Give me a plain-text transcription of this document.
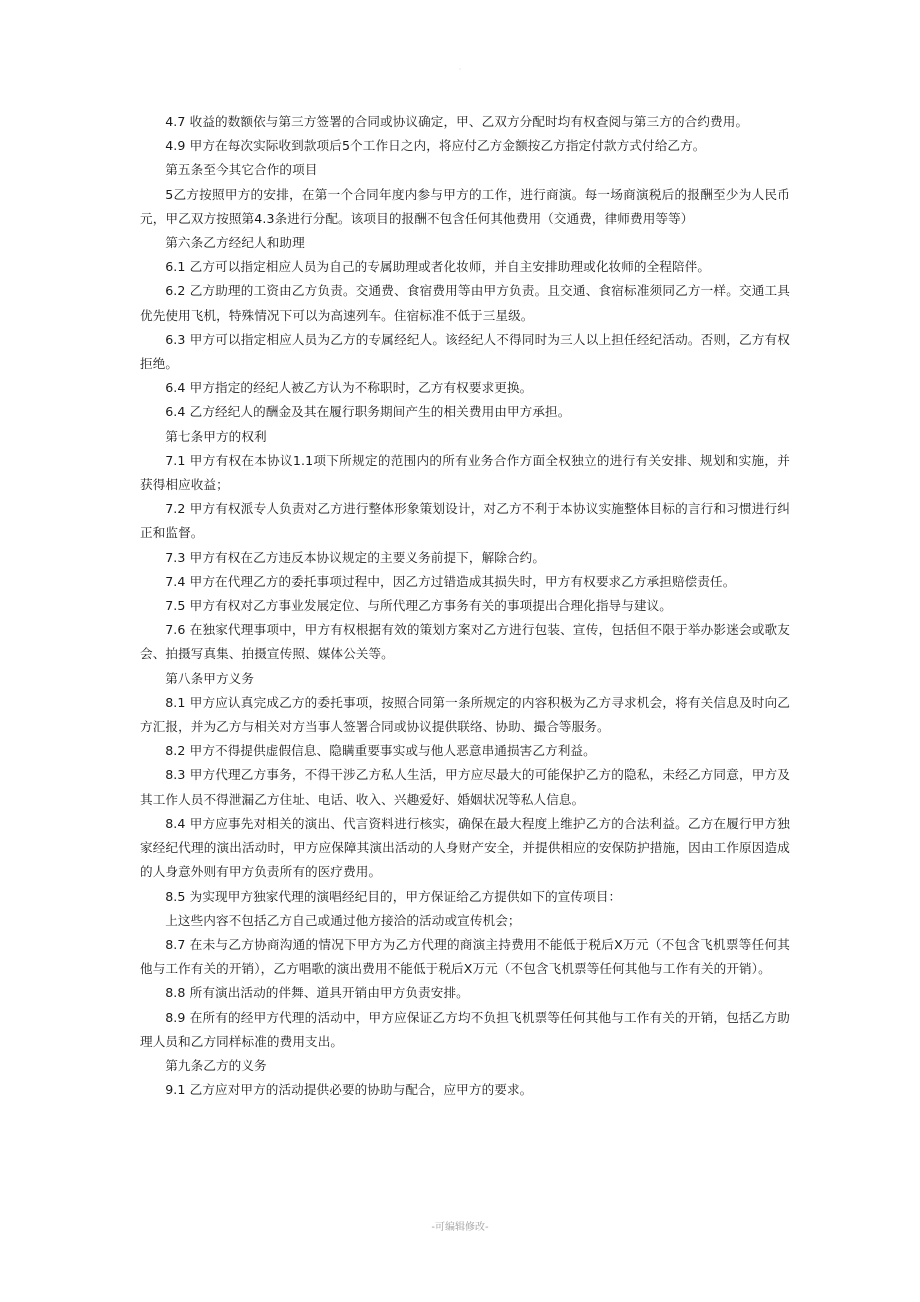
·

4.7 收益的数额依与第三方签署的合同或协议确定，甲、乙双方分配时均有权查阅与第三方的合约费用。

4.9 甲方在每次实际收到款项后5个工作日之内，将应付乙方金额按乙方指定付款方式付给乙方。

第五条至今其它合作的项目

5乙方按照甲方的安排，在第一个合同年度内参与甲方的工作，进行商演。每一场商演税后的报酬至少为人民币元，甲乙双方按照第4.3条进行分配。该项目的报酬不包含任何其他费用（交通费，律师费用等等）

第六条乙方经纪人和助理

6.1 乙方可以指定相应人员为自己的专属助理或者化妆师，并自主安排助理或化妆师的全程陪伴。

6.2 乙方助理的工资由乙方负责。交通费、食宿费用等由甲方负责。且交通、食宿标准须同乙方一样。交通工具优先使用飞机，特殊情况下可以为高速列车。住宿标准不低于三星级。

6.3 甲方可以指定相应人员为乙方的专属经纪人。该经纪人不得同时为三人以上担任经纪活动。否则，乙方有权拒绝。

6.4 甲方指定的经纪人被乙方认为不称职时，乙方有权要求更换。

6.4 乙方经纪人的酬金及其在履行职务期间产生的相关费用由甲方承担。

第七条甲方的权利

7.1 甲方有权在本协议1.1项下所规定的范围内的所有业务合作方面全权独立的进行有关安排、规划和实施，并获得相应收益；

7.2 甲方有权派专人负责对乙方进行整体形象策划设计，对乙方不利于本协议实施整体目标的言行和习惯进行纠正和监督。

7.3 甲方有权在乙方违反本协议规定的主要义务前提下，解除合约。

7.4 甲方在代理乙方的委托事项过程中，因乙方过错造成其损失时，甲方有权要求乙方承担赔偿责任。

7.5 甲方有权对乙方事业发展定位、与所代理乙方事务有关的事项提出合理化指导与建议。

7.6 在独家代理事项中，甲方有权根据有效的策划方案对乙方进行包装、宣传，包括但不限于举办影迷会或歌友会、拍摄写真集、拍摄宣传照、媒体公关等。

第八条甲方义务

8.1 甲方应认真完成乙方的委托事项，按照合同第一条所规定的内容积极为乙方寻求机会，将有关信息及时向乙方汇报，并为乙方与相关对方当事人签署合同或协议提供联络、协助、撮合等服务。

8.2 甲方不得提供虚假信息、隐瞒重要事实或与他人恶意串通损害乙方利益。

8.3 甲方代理乙方事务，不得干涉乙方私人生活，甲方应尽最大的可能保护乙方的隐私，未经乙方同意，甲方及其工作人员不得泄漏乙方住址、电话、收入、兴趣爱好、婚姻状况等私人信息。

8.4 甲方应事先对相关的演出、代言资料进行核实，确保在最大程度上维护乙方的合法利益。乙方在履行甲方独家经纪代理的演出活动时，甲方应保障其演出活动的人身财产安全，并提供相应的安保防护措施，因由工作原因造成的人身意外则有甲方负责所有的医疗费用。

8.5 为实现甲方独家代理的演唱经纪目的，甲方保证给乙方提供如下的宣传项目：

上这些内容不包括乙方自己或通过他方接洽的活动或宣传机会；

8.7 在未与乙方协商沟通的情况下甲方为乙方代理的商演主持费用不能低于税后X万元（不包含飞机票等任何其他与工作有关的开销），乙方唱歌的演出费用不能低于税后X万元（不包含飞机票等任何其他与工作有关的开销）。

8.8 所有演出活动的伴舞、道具开销由甲方负责安排。

8.9 在所有的经甲方代理的活动中，甲方应保证乙方均不负担飞机票等任何其他与工作有关的开销，包括乙方助理人员和乙方同样标准的费用支出。

第九条乙方的义务

9.1 乙方应对甲方的活动提供必要的协助与配合，应甲方的要求。

-可编辑修改-
